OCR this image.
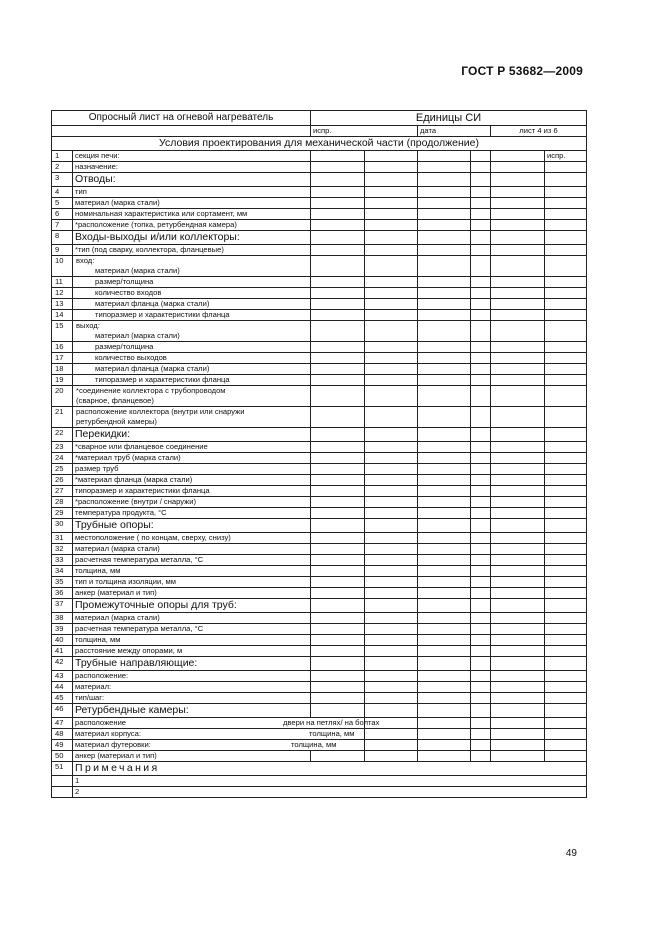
ГОСТ Р 53682—2009
Опросный лист на огневой нагреватель		Единицы СИ					
		испр.		дата		лист 4 из 6	
Условия проектирования для механической части (продолжение)							
1	секция печи:						испр.
2	назначение:						
3	Отводы:						
4	тип						
5	материал (марка стали)						
6	номинальная характеристика или сортамент, мм						
7	*расположение (топка, ретурбендная камера)						
8	Входы-выходы и/или коллекторы:						
9	*тип (под сварку, коллектора, фланцевые)						
10	вход:
материал (марка стали)						

11	размер/толщина						
12	количество входов						
13	материал фланца (марка стали)						
14	типоразмер и характеристики фланца						
15	выход:
материал (марка стали)						

16	размер/толщина						
17	количество выходов						
18	материал фланца (марка стали)						
19	типоразмер и характеристики фланца						
20	*соединение коллектора с трубопроводом
(сварное, фланцевое)						

21	расположение коллектора (внутри или снаружи
ретурбендной камеры)						

22	Перекидки:						
23	*сварное или фланцевое соединение						
24	*материал труб (марка стали)						
25	размер труб						
26	*материал фланца (марка стали)						
27	типоразмер и характеристики фланца						
28	*расположение (внутри / снаружи)						
29	температура продукта, °С						
30	Трубные опоры:						
31	местоположение ( по концам, сверху, снизу)						
32	материал (марка стали)						
33	расчетная температура металла, °С						
34	толщина, мм						
35	тип и толщина изоляции, мм						
36	анкер (материал и тип)						
37	Промежуточные опоры для труб:						
38	материал (марка стали)						
39	расчетная температура металла, °С						
40	толщина, мм						
41	расстояние между опорами, м						
42	Трубные направляющие:						
43	расположение:						
44	материал:						
45	тип/шаг:						
46	Ретурбендные камеры:						
47	расположение двери на петлях/ на болтах						

48	материал корпуса: толщина, мм						

49	материал футеровки: толщина, мм						

50	анкер (материал и тип)						
51	Примечания						
	1						
	2						
49
